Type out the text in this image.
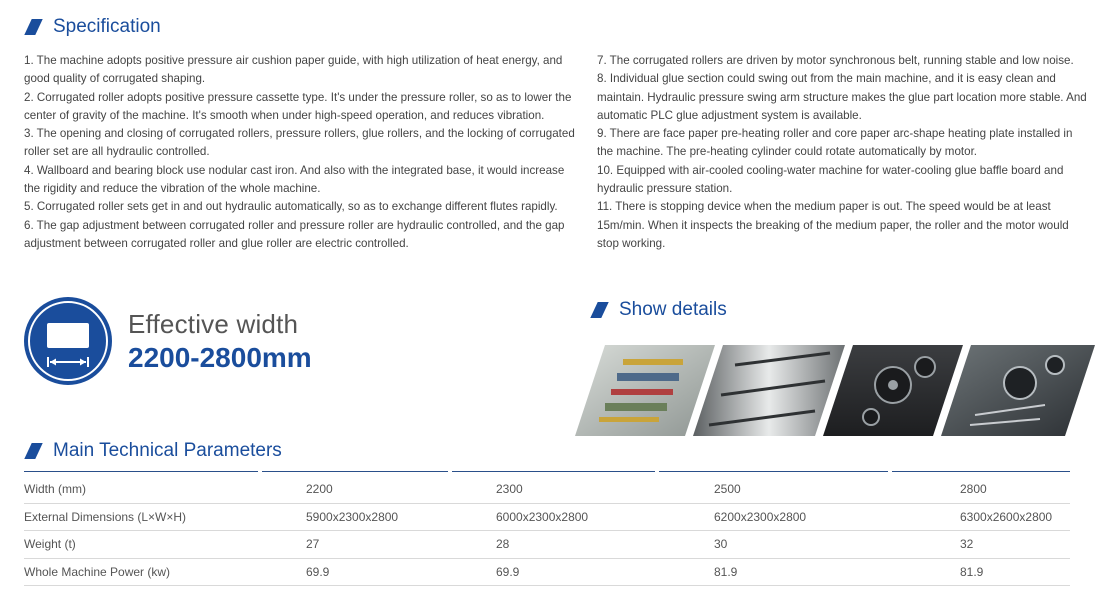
Specification

1. The machine adopts positive pressure air cushion paper guide, with high utilization of heat energy, and good quality of corrugated shaping.

2. Corrugated roller adopts positive pressure cassette type. It's under the pressure roller, so as to lower the center of gravity of the machine. It's smooth when under high-speed operation, and reduces vibration.

3. The opening and closing of corrugated rollers, pressure rollers, glue rollers, and the locking of corrugated roller set are all hydraulic controlled.

4. Wallboard and bearing block use nodular cast iron. And also with the integrated base, it would increase the rigidity and reduce the vibration of the whole machine.

5. Corrugated roller sets get in and out hydraulic automatically, so as to exchange different flutes rapidly.

6. The gap adjustment between corrugated roller and pressure roller are hydraulic controlled, and the gap adjustment between corrugated roller and glue roller are electric controlled.

7. The corrugated rollers are driven by motor synchronous belt, running stable and low noise.

8. Individual glue section could swing out from the main machine, and it is easy clean and maintain. Hydraulic pressure swing arm structure makes the glue part location more stable. And automatic PLC glue adjustment system is available.

9. There are face paper pre-heating roller and core paper arc-shape heating plate installed in the machine. The pre-heating cylinder could rotate automatically by motor.

10. Equipped with air-cooled cooling-water machine for water-cooling glue baffle board and hydraulic pressure station.

11. There is stopping device when the medium paper is out. The speed would be at least 15m/min. When it inspects the breaking of the medium paper, the roller and the motor would stop working.

Effective width
2200-2800mm
Show details
Main Technical Parameters

Width (mm)	2200	2300	2500	2800
External Dimensions (L×W×H)	5900x2300x2800	6000x2300x2800	6200x2300x2800	6300x2600x2800
Weight (t)	27	28	30	32
Whole Machine Power (kw)	69.9	69.9	81.9	81.9
